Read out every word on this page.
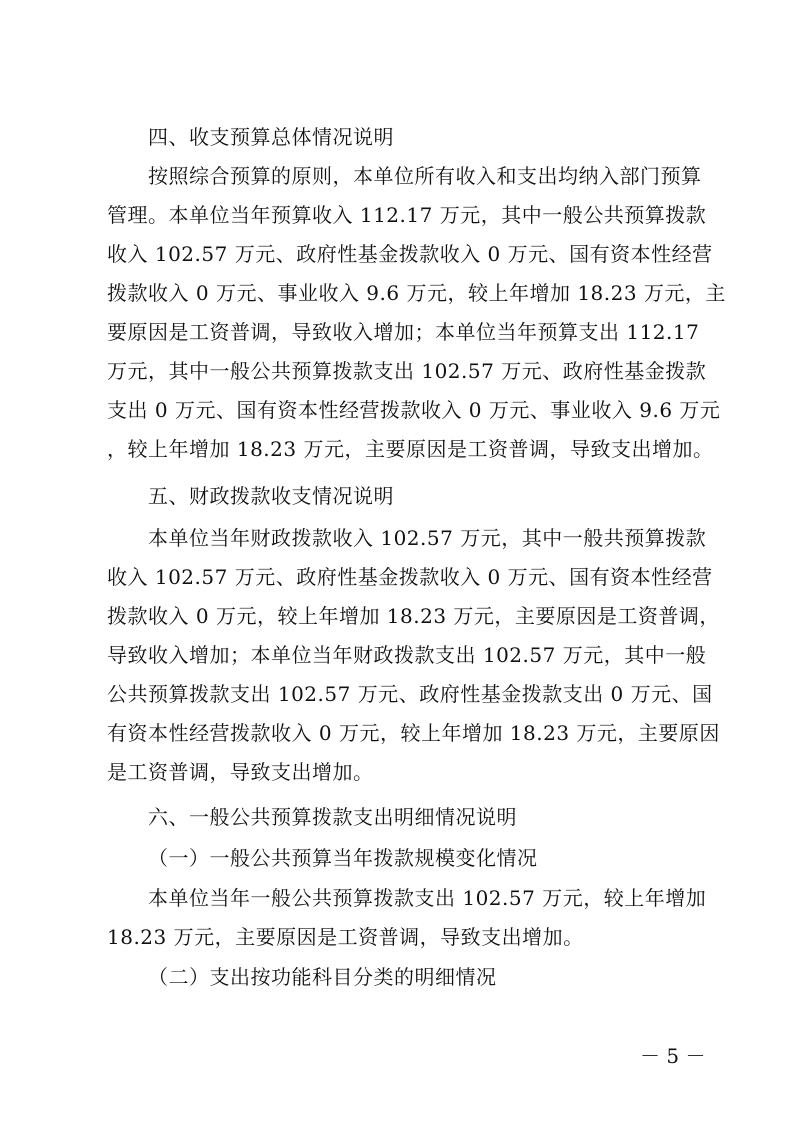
四、收支预算总体情况说明
按照综合预算的原则，本单位所有收入和支出均纳入部门预算
管理。本单位当年预算收入 112.17 万元，其中一般公共预算拨款
收入 102.57 万元、政府性基金拨款收入 0 万元、国有资本性经营
拨款收入 0 万元、事业收入 9.6 万元，较上年增加 18.23 万元，主
要原因是工资普调，导致收入增加；本单位当年预算支出 112.17
万元，其中一般公共预算拨款支出 102.57 万元、政府性基金拨款
支出 0 万元、国有资本性经营拨款收入 0 万元、事业收入 9.6 万元
，较上年增加 18.23 万元，主要原因是工资普调，导致支出增加。
五、财政拨款收支情况说明
本单位当年财政拨款收入 102.57 万元，其中一般共预算拨款
收入 102.57 万元、政府性基金拨款收入 0 万元、国有资本性经营
拨款收入 0 万元，较上年增加 18.23 万元，主要原因是工资普调，
导致收入增加；本单位当年财政拨款支出 102.57 万元，其中一般
公共预算拨款支出 102.57 万元、政府性基金拨款支出 0 万元、国
有资本性经营拨款收入 0 万元，较上年增加 18.23 万元，主要原因
是工资普调，导致支出增加。
六、一般公共预算拨款支出明细情况说明
（一）一般公共预算当年拨款规模变化情况
本单位当年一般公共预算拨款支出 102.57 万元，较上年增加
18.23 万元，主要原因是工资普调，导致支出增加。
（二）支出按功能科目分类的明细情况
－ 5 －
